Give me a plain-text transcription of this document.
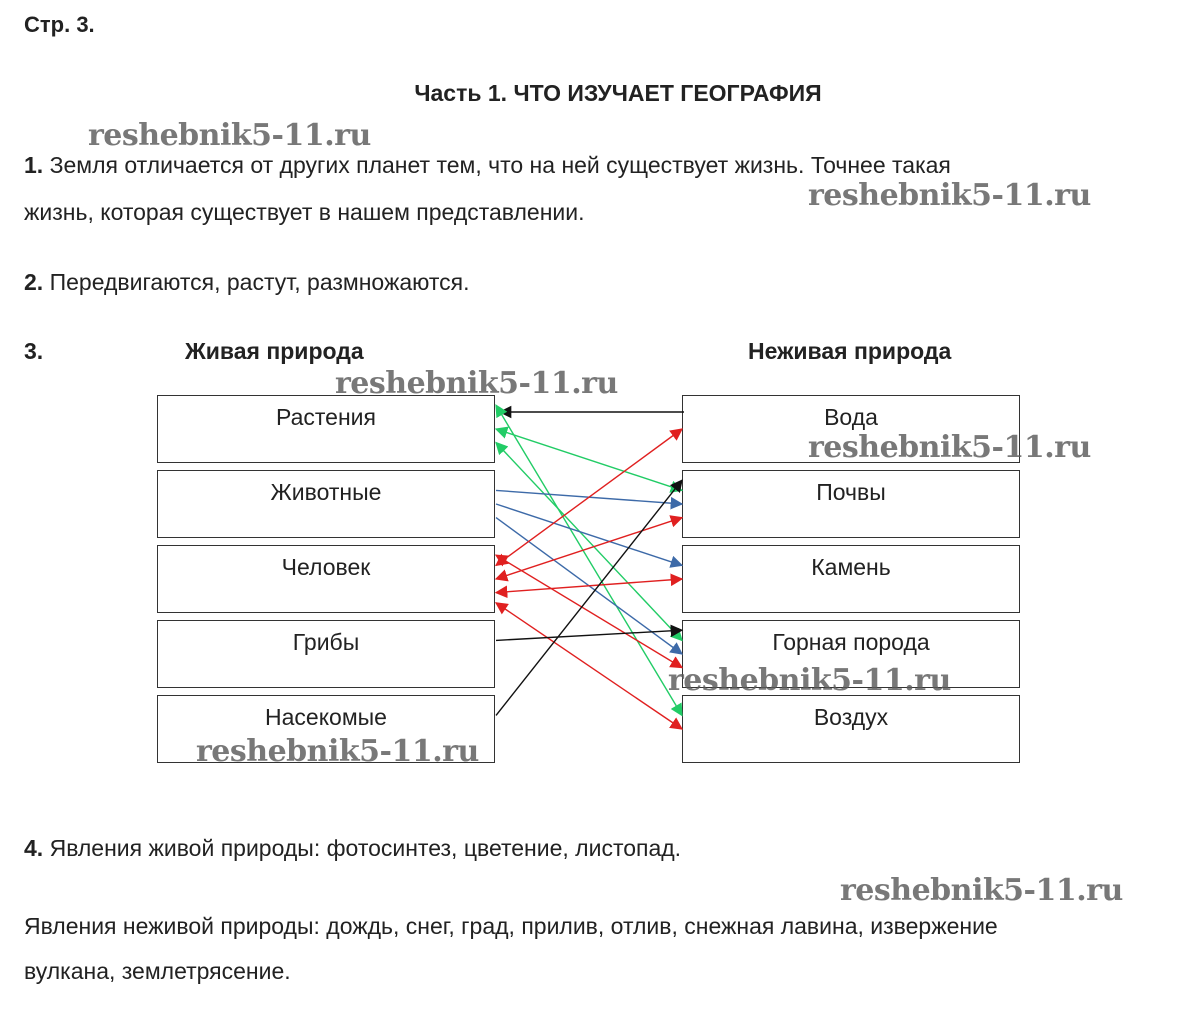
Стр. 3.
Часть 1. ЧТО ИЗУЧАЕТ ГЕОГРАФИЯ
1. Земля отличается от других планет тем, что на ней существует жизнь. Точнее такая
жизнь, которая существует в нашем представлении.
2. Передвигаются, растут, размножаются.
3.	Живая природа	Неживая природа
Растения
Животные
Человек
Грибы
Насекомые
Вода
Почвы
Камень
Горная порода
Воздух
4. Явления живой природы: фотосинтез, цветение, листопад.
Явления неживой природы: дождь, снег, град, прилив, отлив, снежная лавина, извержение
вулкана, землетрясение.
reshebnik5-11.ru
reshebnik5-11.ru
reshebnik5-11.ru
reshebnik5-11.ru
reshebnik5-11.ru
reshebnik5-11.ru
reshebnik5-11.ru
